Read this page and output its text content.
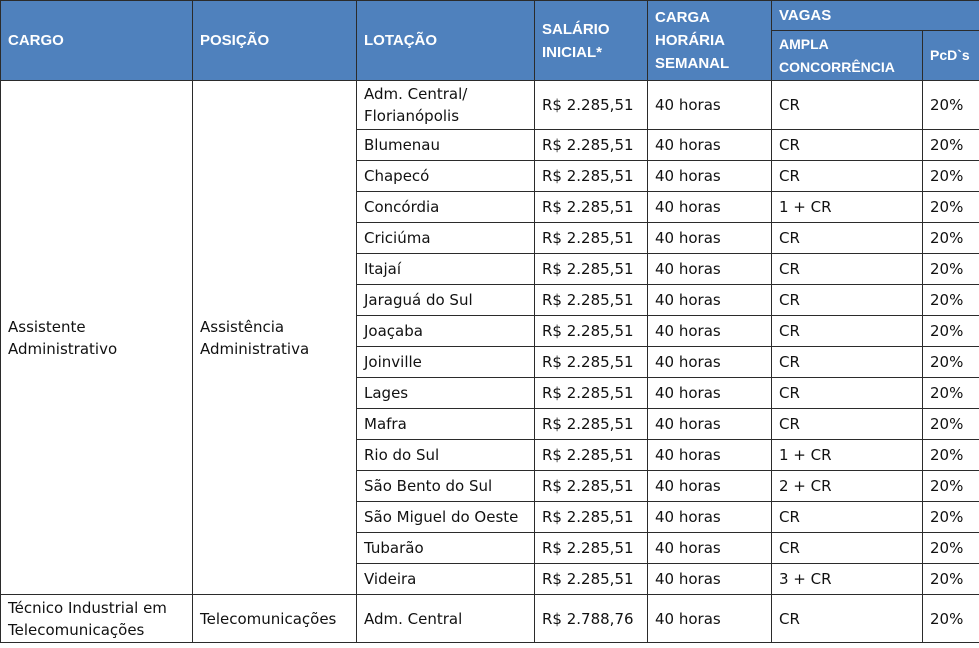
CARGO	POSIÇÃO	LOTAÇÃO	SALÁRIO INICIAL*	CARGA HORÁRIA SEMANAL	VAGAS	
					AMPLA CONCORRÊNCIA	PcD`s
Assistente Administrativo	Assistência Administrativa	Adm. Central/ Florianópolis	R$ 2.285,51	40 horas	CR	20%
		Blumenau	R$ 2.285,51	40 horas	CR	20%
		Chapecó	R$ 2.285,51	40 horas	CR	20%
		Concórdia	R$ 2.285,51	40 horas	1 + CR	20%
		Criciúma	R$ 2.285,51	40 horas	CR	20%
		Itajaí	R$ 2.285,51	40 horas	CR	20%
		Jaraguá do Sul	R$ 2.285,51	40 horas	CR	20%
		Joaçaba	R$ 2.285,51	40 horas	CR	20%
		Joinville	R$ 2.285,51	40 horas	CR	20%
		Lages	R$ 2.285,51	40 horas	CR	20%
		Mafra	R$ 2.285,51	40 horas	CR	20%
		Rio do Sul	R$ 2.285,51	40 horas	1 + CR	20%
		São Bento do Sul	R$ 2.285,51	40 horas	2 + CR	20%
		São Miguel do Oeste	R$ 2.285,51	40 horas	CR	20%
		Tubarão	R$ 2.285,51	40 horas	CR	20%
		Videira	R$ 2.285,51	40 horas	3 + CR	20%
Técnico Industrial em Telecomunicações	Telecomunicações	Adm. Central	R$ 2.788,76	40 horas	CR	20%
